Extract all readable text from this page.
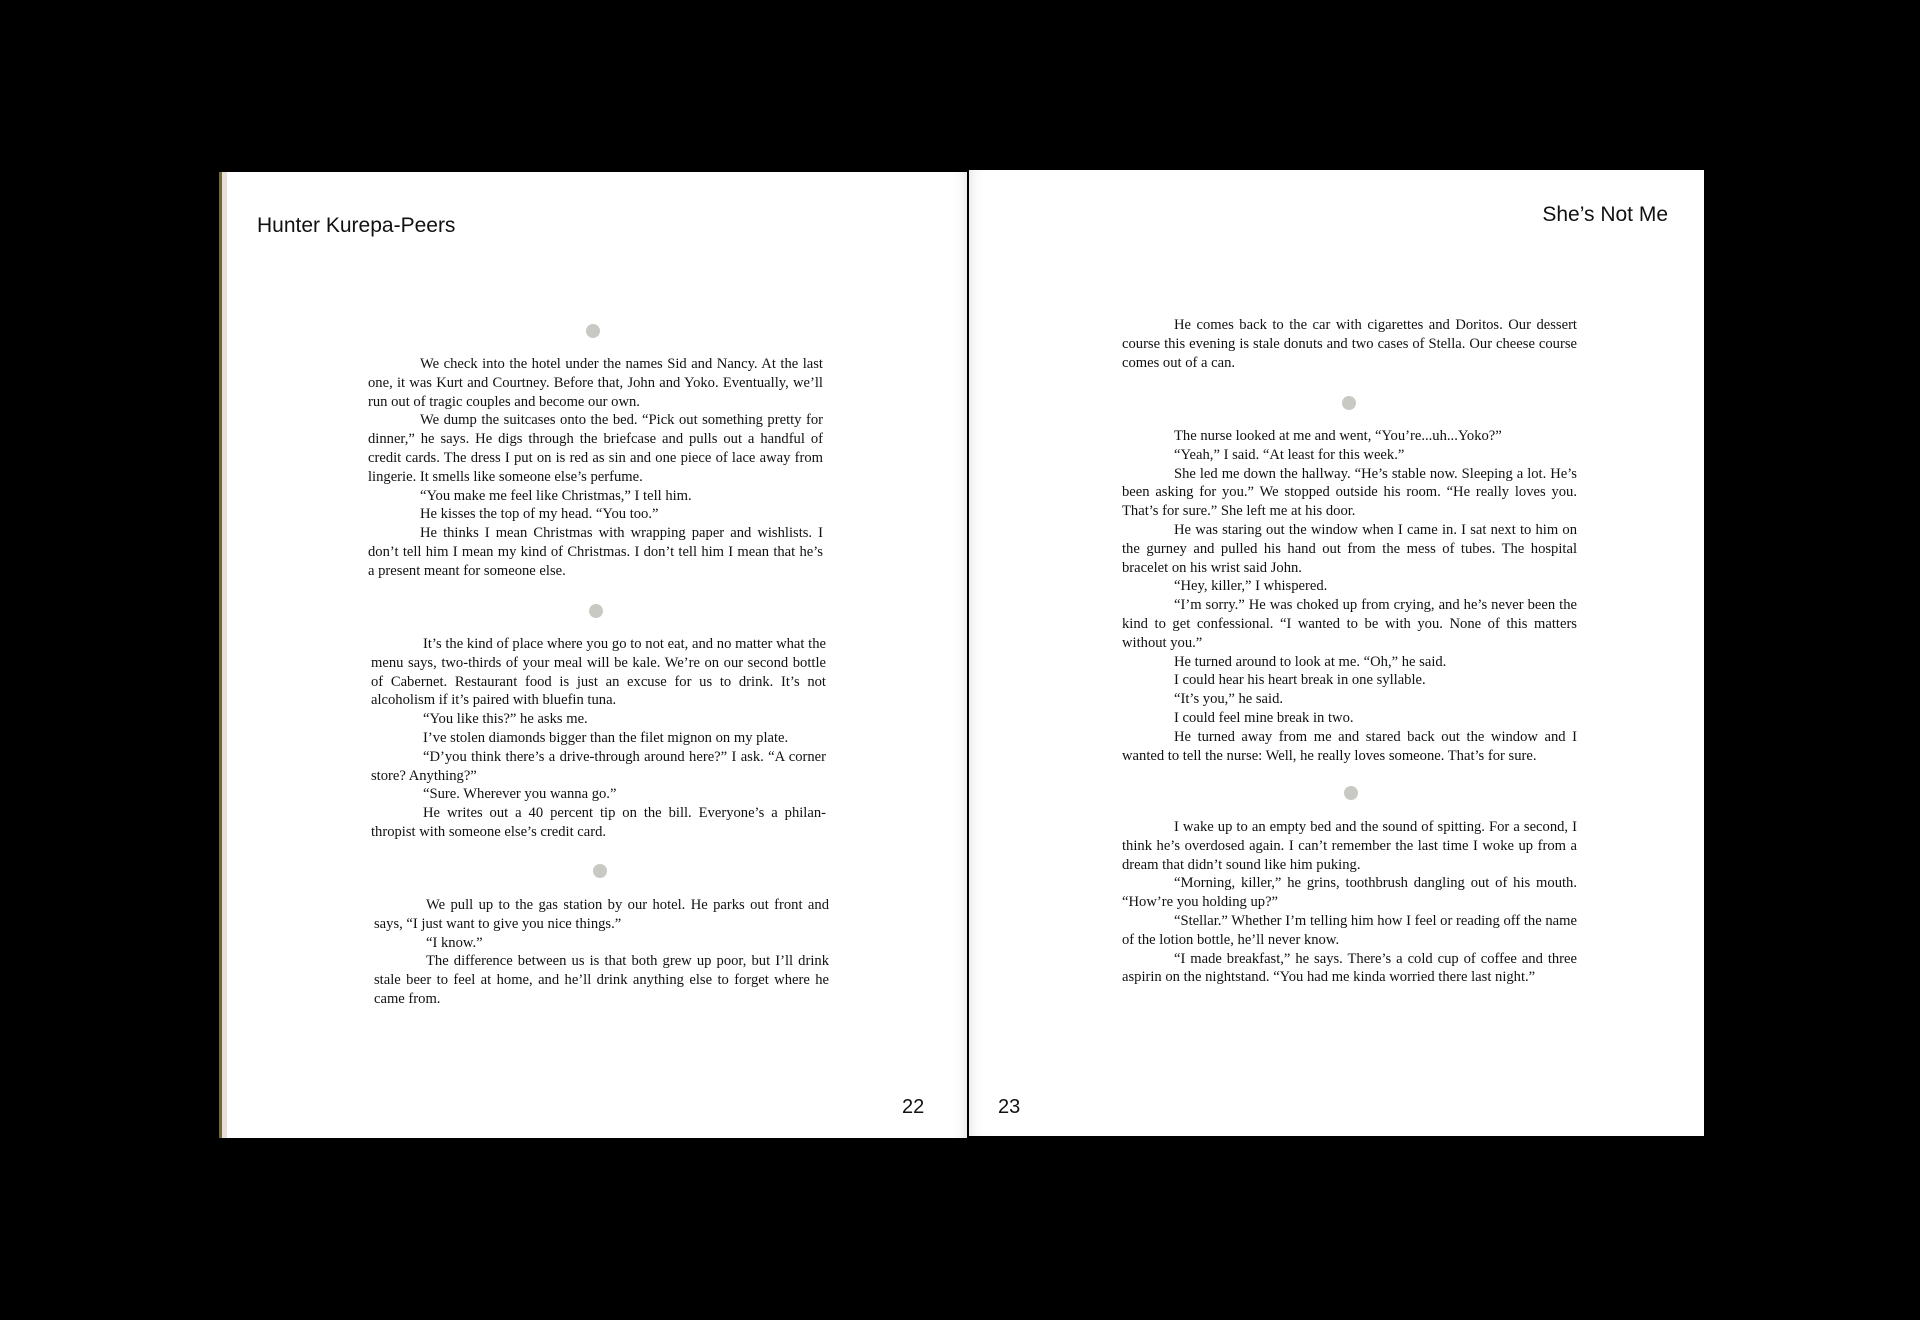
Hunter Kurepa-Peers

We check into the hotel under the names Sid and Nancy. At the last one, it was Kurt and Courtney. Before that, John and Yoko. Eventually, we’ll run out of tragic couples and become our own.

We dump the suitcases onto the bed. “Pick out something pretty for dinner,” he says. He digs through the briefcase and pulls out a handful of credit cards. The dress I put on is red as sin and one piece of lace away from lingerie. It smells like someone else’s perfume.

“You make me feel like Christmas,” I tell him.

He kisses the top of my head. “You too.”

He thinks I mean Christmas with wrapping paper and wishlists. I don’t tell him I mean my kind of Christmas. I don’t tell him I mean that he’s a present meant for someone else.

It’s the kind of place where you go to not eat, and no matter what the menu says, two-thirds of your meal will be kale. We’re on our second bottle of Cabernet. Restaurant food is just an excuse for us to drink. It’s not alcoholism if it’s paired with bluefin tuna.

“You like this?” he asks me.

I’ve stolen diamonds bigger than the filet mignon on my plate.

“D’you think there’s a drive-through around here?” I ask. “A corner store? Anything?”

“Sure. Wherever you wanna go.”

He writes out a 40 percent tip on the bill. Everyone’s a philanthropist with someone else’s credit card.

We pull up to the gas station by our hotel. He parks out front and says, “I just want to give you nice things.”

“I know.”

The difference between us is that both grew up poor, but I’ll drink stale beer to feel at home, and he’ll drink anything else to forget where he came from.

22
She’s Not Me

He comes back to the car with cigarettes and Doritos. Our dessert course this evening is stale donuts and two cases of Stella. Our cheese course comes out of a can.

The nurse looked at me and went, “You’re...uh...Yoko?”

“Yeah,” I said. “At least for this week.”

She led me down the hallway. “He’s stable now. Sleeping a lot. He’s been asking for you.” We stopped outside his room. “He really loves you. That’s for sure.” She left me at his door.

He was staring out the window when I came in. I sat next to him on the gurney and pulled his hand out from the mess of tubes. The hospital bracelet on his wrist said John.

“Hey, killer,” I whispered.

“I’m sorry.” He was choked up from crying, and he’s never been the kind to get confessional. “I wanted to be with you. None of this matters without you.”

He turned around to look at me. “Oh,” he said.

I could hear his heart break in one syllable.

“It’s you,” he said.

I could feel mine break in two.

He turned away from me and stared back out the window and I wanted to tell the nurse: Well, he really loves someone. That’s for sure.

I wake up to an empty bed and the sound of spitting. For a second, I think he’s overdosed again. I can’t remember the last time I woke up from a dream that didn’t sound like him puking.

“Morning, killer,” he grins, toothbrush dangling out of his mouth. “How’re you holding up?”

“Stellar.” Whether I’m telling him how I feel or reading off the name of the lotion bottle, he’ll never know.

“I made breakfast,” he says. There’s a cold cup of coffee and three aspirin on the nightstand. “You had me kinda worried there last night.”

23
